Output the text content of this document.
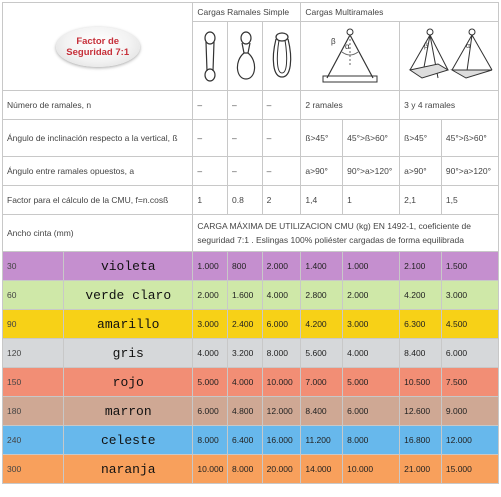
Factor de
Seguridad 7:1		Cargas Ramales Simple			Cargas Multiramales			

α
β		β α	

Número de ramales, n		–	–	–	2 ramales		3 y 4 ramales	
Ángulo de inclinación respecto a la vertical, ß		–	–	–	ß>45°	45°>ß>60°	ß>45°	45°>ß>60°
Ángulo entre ramales opuestos, a		–	–	–	a>90°	90°>a>120°	a>90°	90°>a>120°
Factor para el cálculo de la CMU, f=n.cosß		1	0.8	2	1,4	1	2,1	1,5
Ancho cinta (mm)		CARGA MÁXIMA DE UTILIZACION CMU (kg) EN 1492-1, coeficiente de seguridad 7:1 . Eslingas 100% poliéster cargadas de forma equilibrada						
30	violeta	1.000	800	2.000	1.400	1.000	2.100	1.500
60	verde claro	2.000	1.600	4.000	2.800	2.000	4.200	3.000
90	amarillo	3.000	2.400	6.000	4.200	3.000	6.300	4.500
120	gris	4.000	3.200	8.000	5.600	4.000	8.400	6.000
150	rojo	5.000	4.000	10.000	7.000	5.000	10.500	7.500
180	marron	6.000	4.800	12.000	8.400	6.000	12.600	9.000
240	celeste	8.000	6.400	16.000	11.200	8.000	16.800	12.000
300	naranja	10.000	8.000	20.000	14.000	10.000	21.000	15.000
